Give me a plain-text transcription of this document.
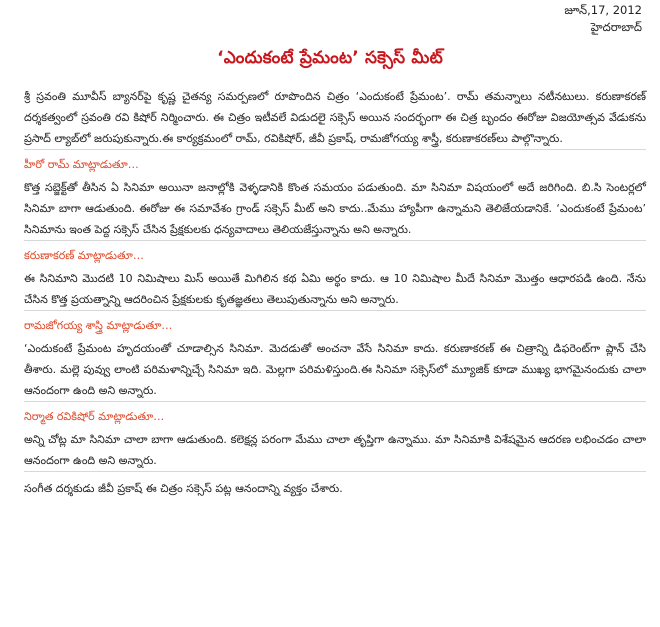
జూన్,17, 2012
హైదరాబాద్
‘ఎందుకంటే ప్రేమంట’ సక్సెస్ మీట్

శ్రీ స్రవంతి మూవీస్ బ్యానర్‌పై కృష్ణ చైతన్య సమర్పణలో రూపొందిన చిత్రం ‘ఎందుకంటే ప్రేమంట’. రామ్ తమన్నాలు నటీనటులు. కరుణాకరణ్ దర్శకత్వంలో స్రవంతి రవి కిషోర్ నిర్మించారు. ఈ చిత్రం ఇటీవలే విడుదలై సక్సెస్ అయిన సందర్భంగా ఈ చిత్ర బృందం ఈరోజు విజయోత్సవ వేడుకను ప్రసాద్ ల్యాబ్‌లో జరుపుకున్నారు.ఈ కార్యక్రమంలో రామ్, రవికిషోర్, జీవీ ప్రకాష్, రామజోగయ్య శాస్త్రీ, కరుణాకరణ్‌లు పాల్గొన్నారు.

హీరో రామ్ మాట్లాడుతూ…

కొత్త సబ్జెక్ట్‌తో తీసిన ఏ సినిమా అయినా జనాల్లోకి వెళ్ళడానికి కొంత సమయం పడుతుంది. మా సినిమా విషయంలో అదే జరిగింది. బి.సి సెంటర్లలో సినిమా బాగా ఆడుతుంది. ఈరోజు ఈ సమావేశం గ్రాండ్ సక్సెస్ మీట్ అని కాదు..మేము హ్యాపీగా ఉన్నామని తెలిజేయడానికే. ‘ఎందుకంటే ప్రేమంట’ సినిమాను ఇంత పెద్ద సక్సెస్ చేసిన ప్రేక్షకులకు ధన్యవాదాలు తెలియజేస్తున్నాను అని అన్నారు.

కరుణాకరణ్ మాట్లాడుతూ…

ఈ సినిమాని మొదటి 10 నిమిషాలు మిస్ అయితే మిగిలిన కథ ఏమి అర్థం కాదు. ఆ 10 నిమిషాల మీదే సినిమా మొత్తం ఆధారపడి ఉంది. నేను చేసిన కొత్త ప్రయత్నాన్ని ఆదరించిన ప్రేక్షకులకు కృతజ్ఞతలు తెలుపుతున్నాను అని అన్నారు.

రామజోగయ్య శాస్త్రి మాట్లాడుతూ…

‘ఎందుకంటే ప్రేమంట హృదయంతో చూడాల్సిన సినిమా. మెదడుతో అంచనా వేసే సినిమా కాదు. కరుణాకరణ్ ఈ చిత్రాన్ని డిఫరెంట్‌గా ప్లాన్ చేసి తీశారు. మల్లె పువ్వు లాంటి పరిమళాన్నిచ్చే సినిమా ఇది. మెల్లగా పరిమళిస్తుంది.ఈ సినిమా సక్సెస్‌లో మ్యూజిక్ కూడా ముఖ్య భాగమైనందుకు చాలా ఆనందంగా ఉంది అని అన్నారు.

నిర్మాత రవికిషోర్ మాట్లాడుతూ…

అన్ని చోట్ల మా సినిమా చాలా బాగా ఆడుతుంది. కలెక్షన్ల పరంగా మేము చాలా తృప్తిగా ఉన్నాము. మా సినిమాకి విశేషమైన ఆదరణ లభించడం చాలా ఆనందంగా ఉంది అని అన్నారు.

సంగీత దర్శకుడు జీవీ ప్రకాష్ ఈ చిత్రం సక్సెస్ పట్ల ఆనందాన్ని వ్యక్తం చేశారు.
